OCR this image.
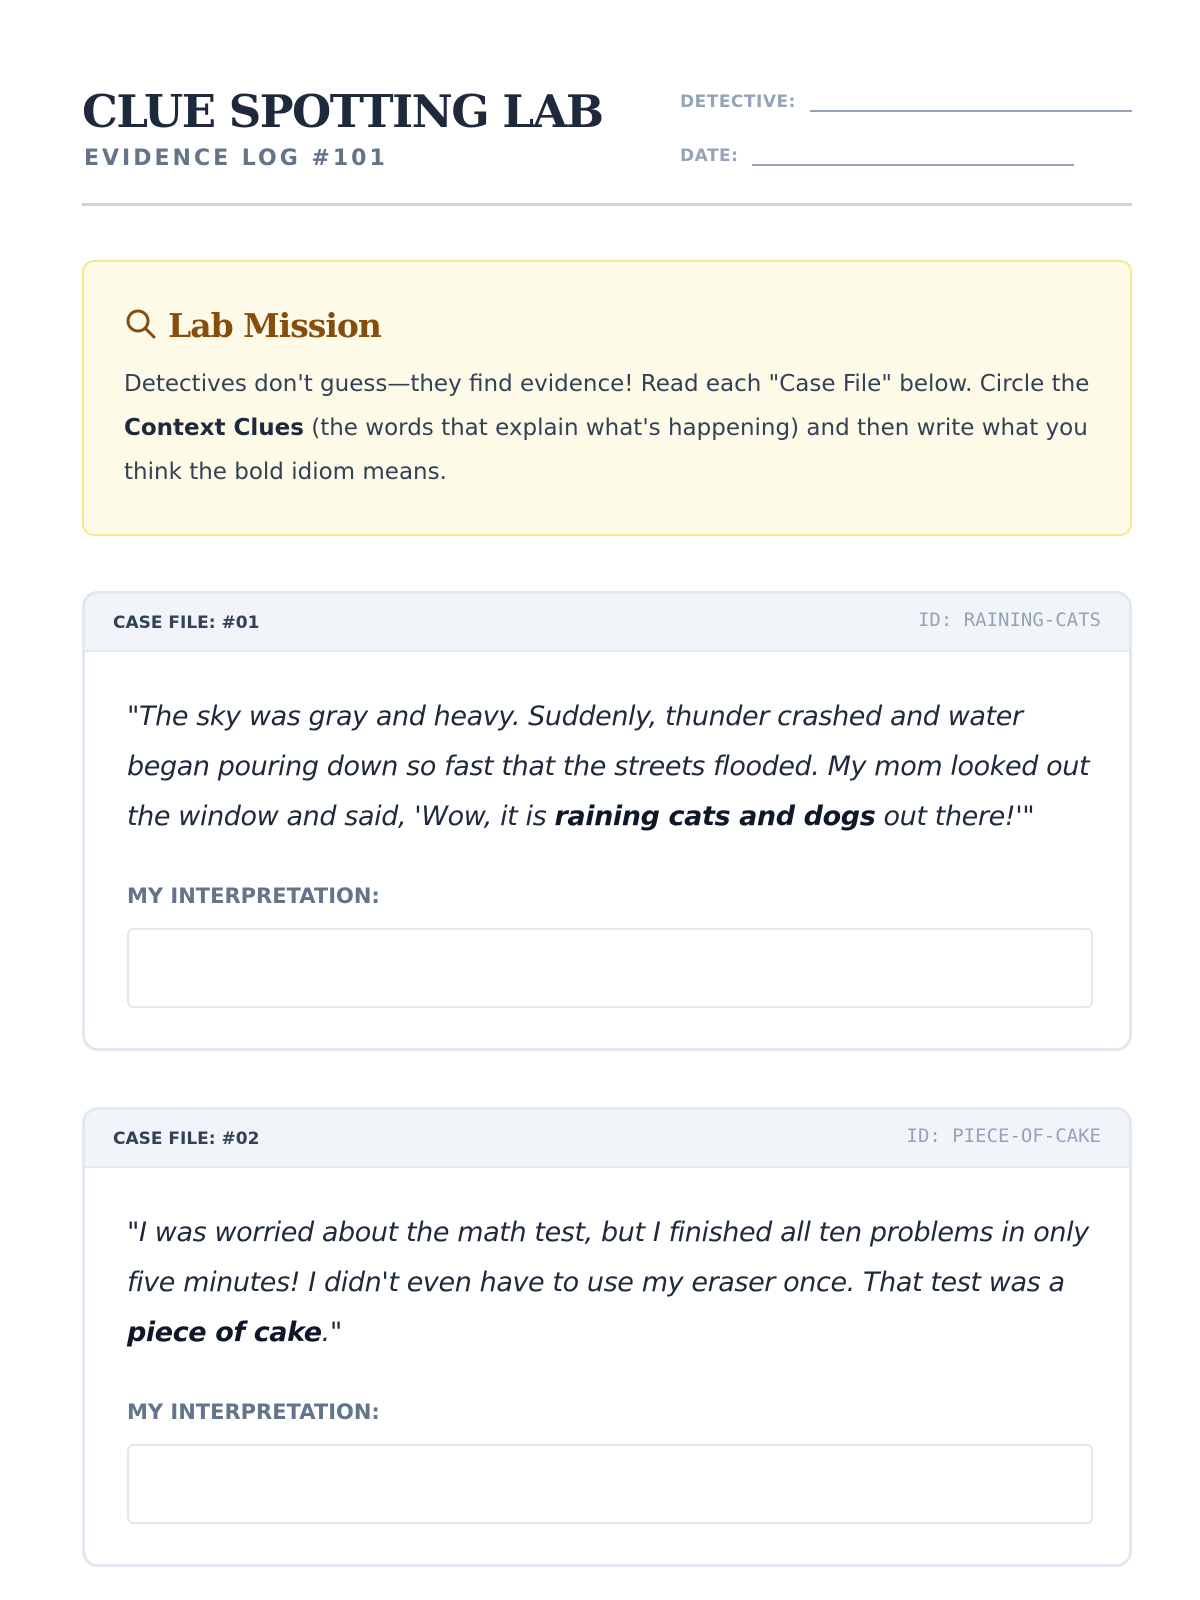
CLUE SPOTTING LAB
EVIDENCE LOG #101
DETECTIVE:
DATE:
Lab Mission
Detectives don't guess—they find evidence! Read each "Case File" below. Circle the Context Clues (the words that explain what's happening) and then write what you think the bold idiom means.
CASE FILE: #01	ID: RAINING-CATS
"The sky was gray and heavy. Suddenly, thunder crashed and water began pouring down so fast that the streets flooded. My mom looked out the window and said, 'Wow, it is raining cats and dogs out there!'"
MY INTERPRETATION:
CASE FILE: #02	ID: PIECE-OF-CAKE
"I was worried about the math test, but I finished all ten problems in only five minutes! I didn't even have to use my eraser once. That test was a piece of cake."
MY INTERPRETATION:
